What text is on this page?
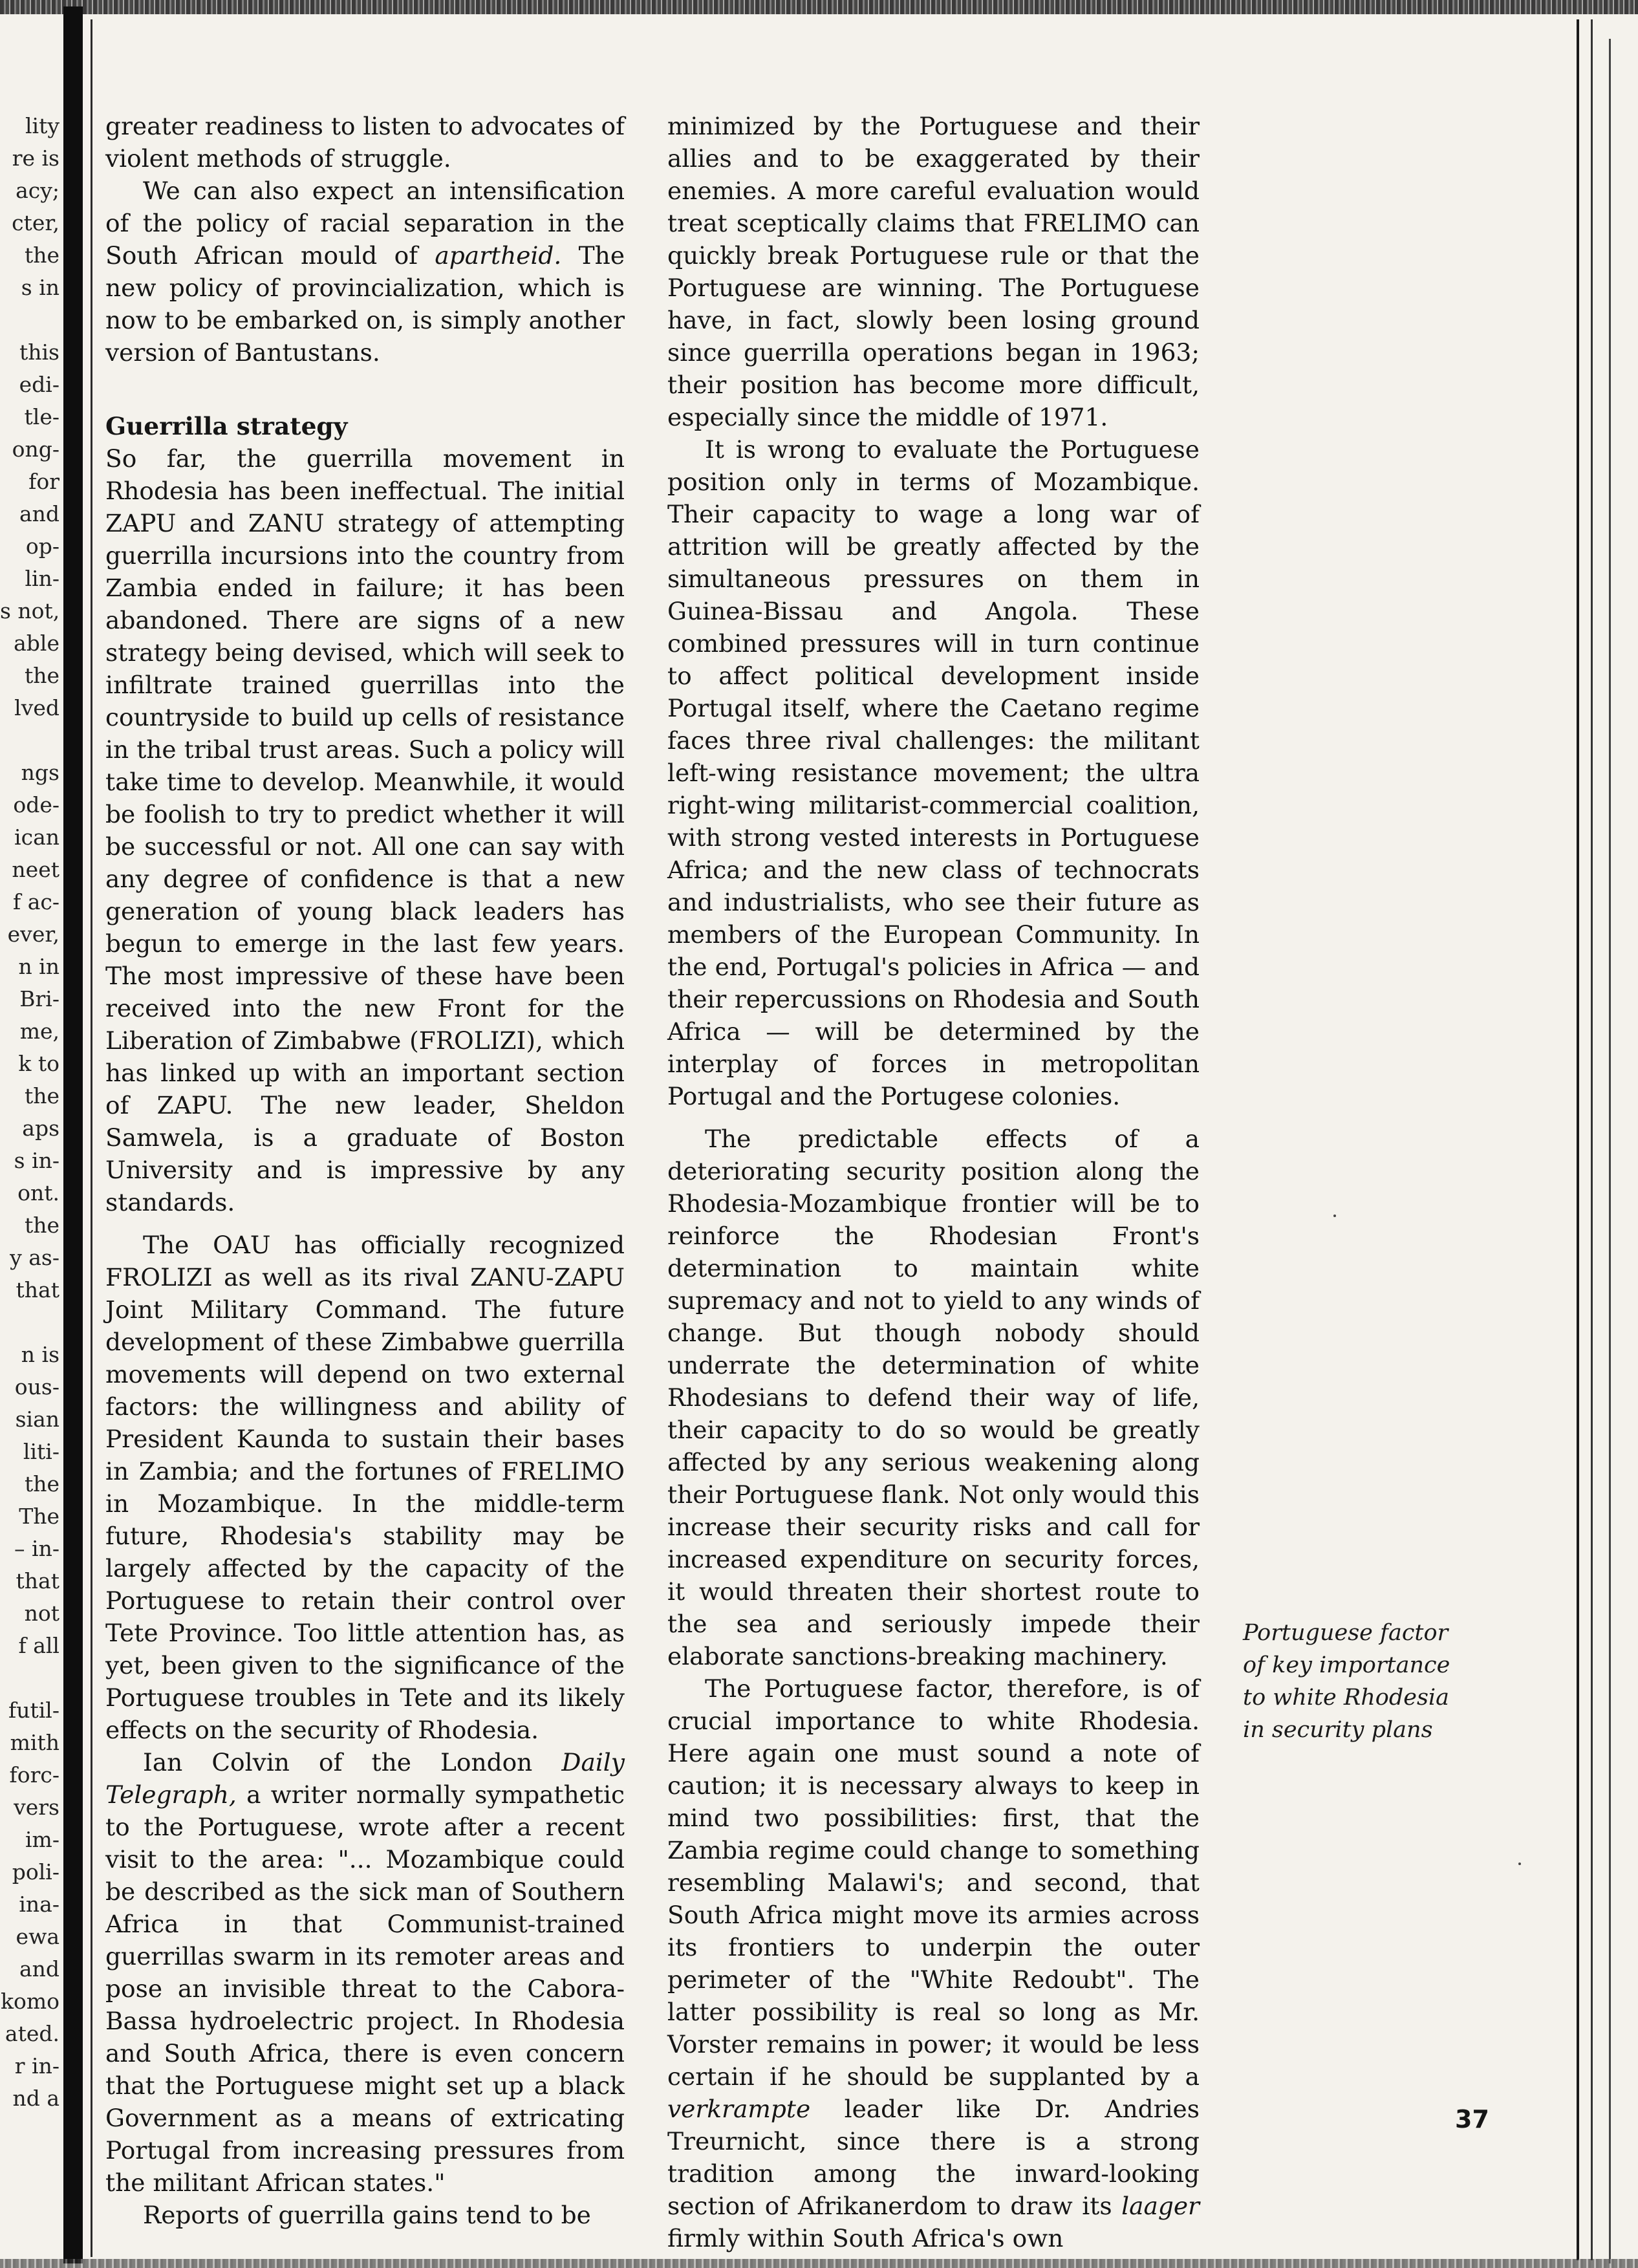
lity
re is
acy;
cter,
the
s in
this
edi-
tle-
ong-
for
and
op-
lin-
s not,
able
the
lved
ngs
ode-
ican
neet
f ac-
ever,
n in
Bri-
me,
k to
the
aps
s in-
ont.
the
y as-
that
n is
ous-
sian
liti-
the
The
– in-
that
not
f all
futil-
mith
forc-
vers
im-
poli-
ina-
ewa
and
komo
ated.
r in-
nd a

greater readiness to listen to advocates of violent methods of struggle.

We can also expect an intensification of the policy of racial separation in the South African mould of apartheid. The new policy of provincialization, which is now to be embarked on, is simply another version of Bantustans.

Guerrilla strategy

So far, the guerrilla movement in Rhodesia has been ineffectual. The initial ZAPU and ZANU strategy of attempting guerrilla incursions into the country from Zambia ended in failure; it has been abandoned. There are signs of a new strategy being devised, which will seek to infiltrate trained guerrillas into the countryside to build up cells of resistance in the tribal trust areas. Such a policy will take time to develop. Meanwhile, it would be foolish to try to predict whether it will be successful or not. All one can say with any degree of confidence is that a new generation of young black leaders has begun to emerge in the last few years. The most impressive of these have been received into the new Front for the Liberation of Zimbabwe (FROLIZI), which has linked up with an important section of ZAPU. The new leader, Sheldon Samwela, is a graduate of Boston University and is impressive by any standards.

The OAU has officially recognized FROLIZI as well as its rival ZANU-ZAPU Joint Military Command. The future development of these Zimbabwe guerrilla movements will depend on two external factors: the willingness and ability of President Kaunda to sustain their bases in Zambia; and the fortunes of FRELIMO in Mozambique. In the middle-term future, Rhodesia's stability may be largely affected by the capacity of the Portuguese to retain their control over Tete Province. Too little attention has, as yet, been given to the significance of the Portuguese troubles in Tete and its likely effects on the security of Rhodesia.

Ian Colvin of the London Daily Telegraph, a writer normally sympathetic to the Portuguese, wrote after a recent visit to the area: "... Mozambique could be described as the sick man of Southern Africa in that Communist-trained guerrillas swarm in its remoter areas and pose an invisible threat to the Cabora-Bassa hydroelectric project. In Rhodesia and South Africa, there is even concern that the Portuguese might set up a black Government as a means of extricating Portugal from increasing pressures from the militant African states."

Reports of guerrilla gains tend to be

minimized by the Portuguese and their allies and to be exaggerated by their enemies. A more careful evaluation would treat sceptically claims that FRELIMO can quickly break Portuguese rule or that the Portuguese are winning. The Portuguese have, in fact, slowly been losing ground since guerrilla operations began in 1963; their position has become more difficult, especially since the middle of 1971.

It is wrong to evaluate the Portuguese position only in terms of Mozambique. Their capacity to wage a long war of attrition will be greatly affected by the simultaneous pressures on them in Guinea-Bissau and Angola. These combined pressures will in turn continue to affect political development inside Portugal itself, where the Caetano regime faces three rival challenges: the militant left-wing resistance movement; the ultra right-wing militarist-commercial coalition, with strong vested interests in Portuguese Africa; and the new class of technocrats and industrialists, who see their future as members of the European Community. In the end, Portugal's policies in Africa — and their repercussions on Rhodesia and South Africa — will be determined by the interplay of forces in metropolitan Portugal and the Portugese colonies.

The predictable effects of a deteriorating security position along the Rhodesia-Mozambique frontier will be to reinforce the Rhodesian Front's determination to maintain white supremacy and not to yield to any winds of change. But though nobody should underrate the determination of white Rhodesians to defend their way of life, their capacity to do so would be greatly affected by any serious weakening along their Portuguese flank. Not only would this increase their security risks and call for increased expenditure on security forces, it would threaten their shortest route to the sea and seriously impede their elaborate sanctions-breaking machinery.

The Portuguese factor, therefore, is of crucial importance to white Rhodesia. Here again one must sound a note of caution; it is necessary always to keep in mind two possibilities: first, that the Zambia regime could change to something resembling Malawi's; and second, that South Africa might move its armies across its frontiers to underpin the outer perimeter of the "White Redoubt". The latter possibility is real so long as Mr. Vorster remains in power; it would be less certain if he should be supplanted by a verkrampte leader like Dr. Andries Treurnicht, since there is a strong tradition among the inward-looking section of Afrikanerdom to draw its laager firmly within South Africa's own

Portuguese factor
of key importance
to white Rhodesia
in security plans
37
